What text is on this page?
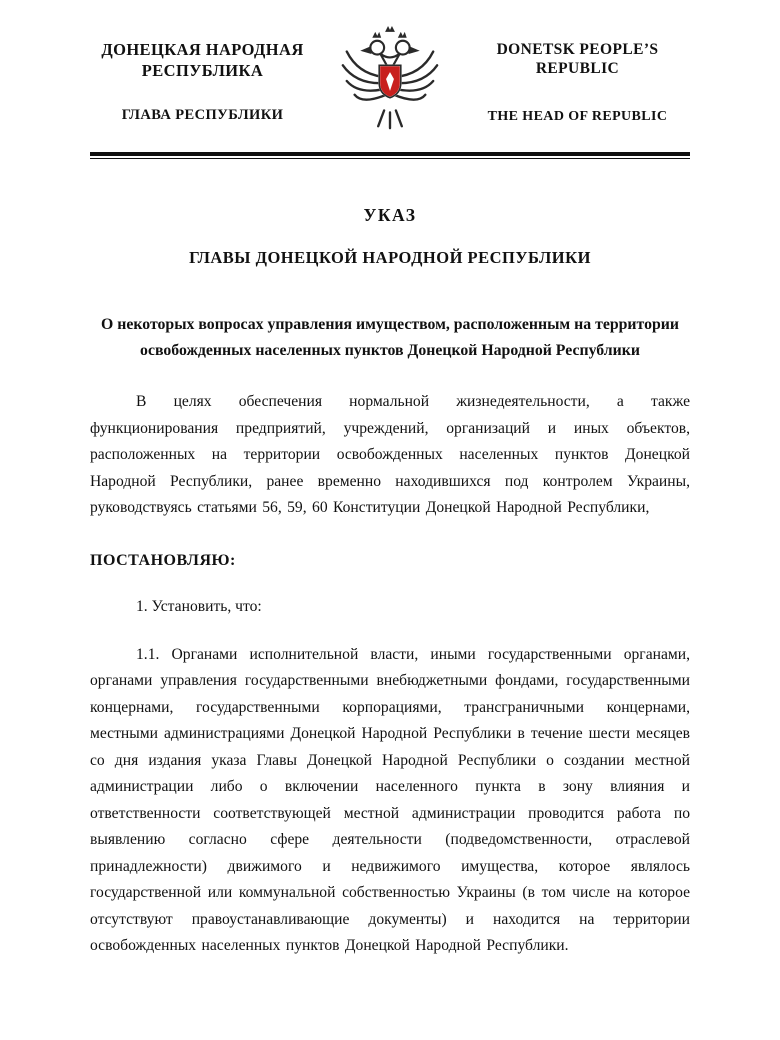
ДОНЕЦКАЯ НАРОДНАЯ РЕСПУБЛИКА
ГЛАВА РЕСПУБЛИКИ
DONETSK PEOPLE’S REPUBLIC
THE HEAD OF REPUBLIC
УКАЗ
ГЛАВЫ ДОНЕЦКОЙ НАРОДНОЙ РЕСПУБЛИКИ
О некоторых вопросах управления имуществом, расположенным на территории освобожденных населенных пунктов Донецкой Народной Республики

В целях обеспечения нормальной жизнедеятельности, а также функционирования предприятий, учреждений, организаций и иных объектов, расположенных на территории освобожденных населенных пунктов Донецкой Народной Республики, ранее временно находившихся под контролем Украины, руководствуясь статьями 56, 59, 60 Конституции Донецкой Народной Республики,

ПОСТАНОВЛЯЮ:
1. Установить, что:

1.1. Органами исполнительной власти, иными государственными органами, органами управления государственными внебюджетными фондами, государственными концернами, государственными корпорациями, трансграничными концернами, местными администрациями Донецкой Народной Республики в течение шести месяцев со дня издания указа Главы Донецкой Народной Республики о создании местной администрации либо о включении населенного пункта в зону влияния и ответственности соответствующей местной администрации проводится работа по выявлению согласно сфере деятельности (подведомственности, отраслевой принадлежности) движимого и недвижимого имущества, которое являлось государственной или коммунальной собственностью Украины (в том числе на которое отсутствуют правоустанавливающие документы) и находится на территории освобожденных населенных пунктов Донецкой Народной Республики.
